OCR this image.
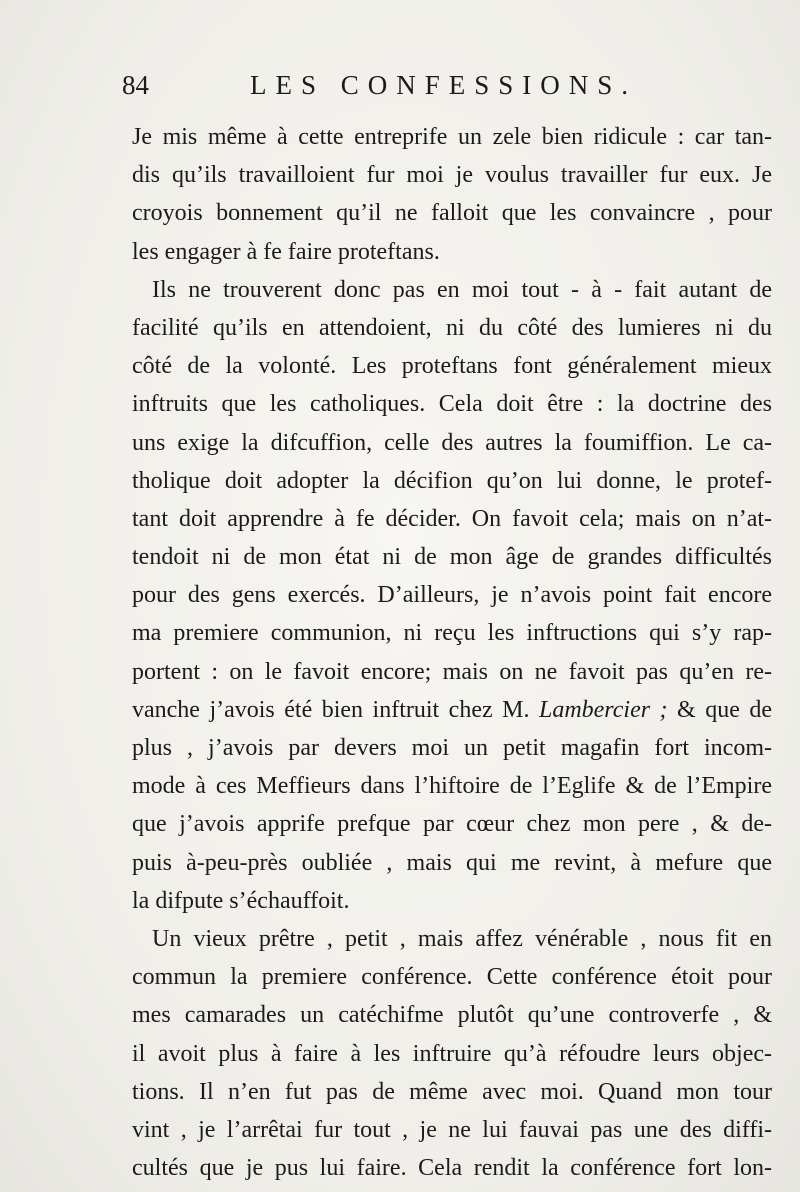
84	LES CONFESSIONS.
Je mis même à cette entreprife un zele bien ridicule : car tan-
dis qu’ils travailloient fur moi je voulus travailler fur eux. Je
croyois bonnement qu’il ne falloit que les convaincre , pour
les engager à fe faire proteftans.
Ils ne trouverent donc pas en moi tout - à - fait autant de
facilité qu’ils en attendoient, ni du côté des lumieres ni du
côté de la volonté. Les proteftans font généralement mieux
inftruits que les catholiques. Cela doit être : la doctrine des
uns exige la difcuffion, celle des autres la foumiffion. Le ca-
tholique doit adopter la décifion qu’on lui donne, le protef-
tant doit apprendre à fe décider. On favoit cela; mais on n’at-
tendoit ni de mon état ni de mon âge de grandes difficultés
pour des gens exercés. D’ailleurs, je n’avois point fait encore
ma premiere communion, ni reçu les inftructions qui s’y rap-
portent : on le favoit encore; mais on ne favoit pas qu’en re-
vanche j’avois été bien inftruit chez M. Lambercier ; & que de
plus , j’avois par devers moi un petit magafin fort incom-
mode à ces Meffieurs dans l’hiftoire de l’Eglife & de l’Empire
que j’avois apprife prefque par cœur chez mon pere , & de-
puis à-peu-près oubliée , mais qui me revint, à mefure que
la difpute s’échauffoit.
Un vieux prêtre , petit , mais affez vénérable , nous fit en
commun la premiere conférence. Cette conférence étoit pour
mes camarades un catéchifme plutôt qu’une controverfe , &
il avoit plus à faire à les inftruire qu’à réfoudre leurs objec-
tions. Il n’en fut pas de même avec moi. Quand mon tour
vint , je l’arrêtai fur tout , je ne lui fauvai pas une des diffi-
cultés que je pus lui faire. Cela rendit la conférence fort lon-
